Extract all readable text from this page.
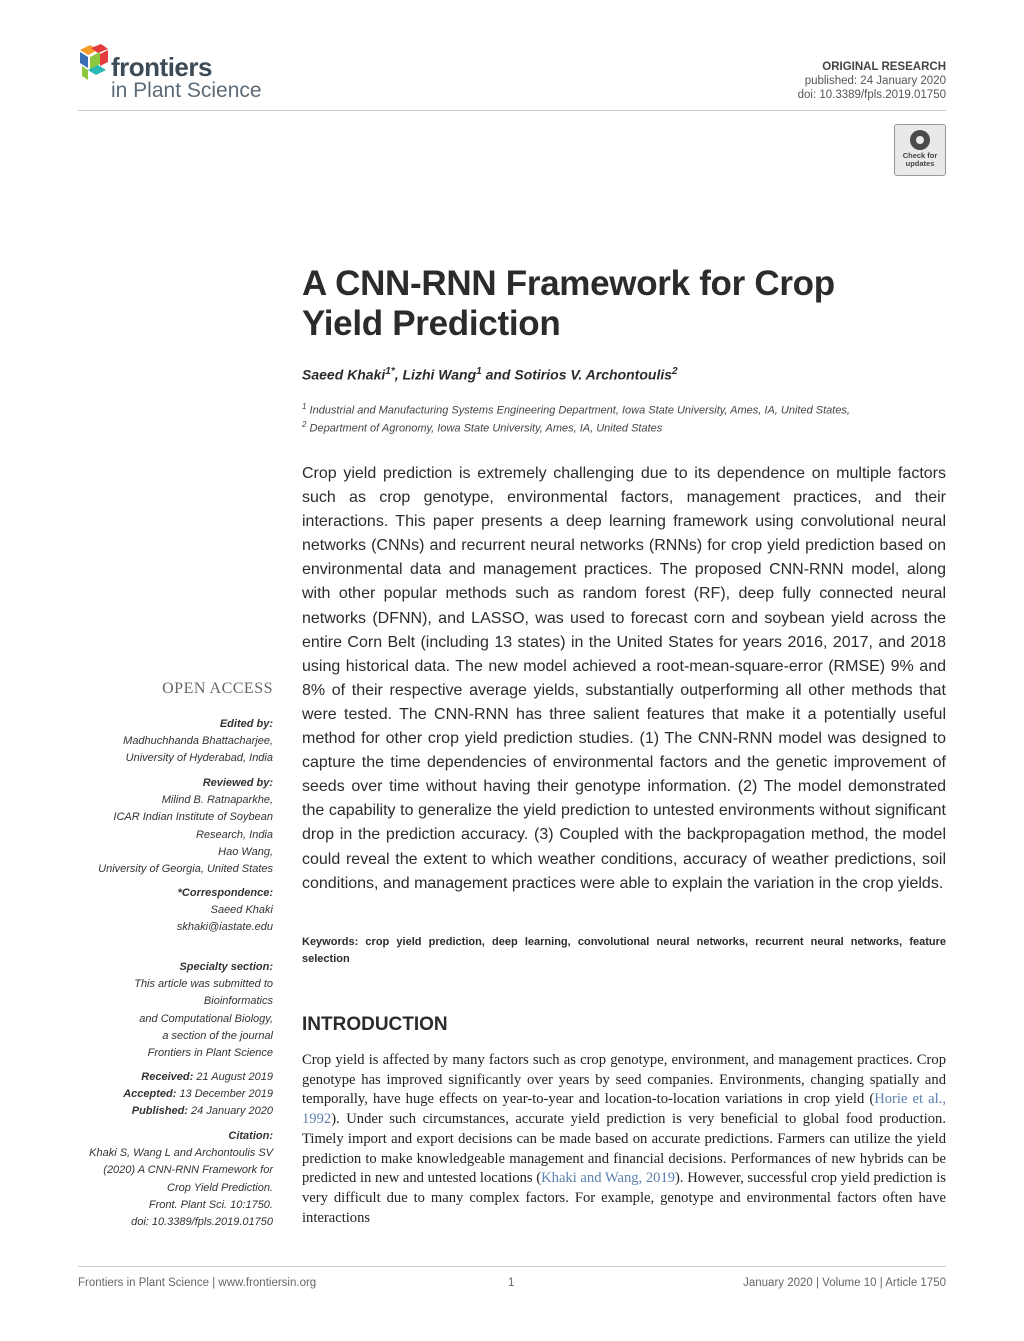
frontiers
in Plant Science
ORIGINAL RESEARCH
published: 24 January 2020
doi: 10.3389/fpls.2019.01750
Check for
updates
A CNN-RNN Framework for Crop
Yield Prediction
Saeed Khaki$^{1*}$, Lizhi Wang$^1$ and Sotirios V. Archontoulis$^2$
$^1$ Industrial and Manufacturing Systems Engineering Department, Iowa State University, Ames, IA, United States,
$^2$ Department of Agronomy, Iowa State University, Ames, IA, United States
Crop yield prediction is extremely challenging due to its dependence on multiple factors such as crop genotype, environmental factors, management practices, and their interactions. This paper presents a deep learning framework using convolutional neural networks (CNNs) and recurrent neural networks (RNNs) for crop yield prediction based on environmental data and management practices. The proposed CNN-RNN model, along with other popular methods such as random forest (RF), deep fully connected neural networks (DFNN), and LASSO, was used to forecast corn and soybean yield across the entire Corn Belt (including 13 states) in the United States for years 2016, 2017, and 2018 using historical data. The new model achieved a root-mean-square-error (RMSE) 9% and 8% of their respective average yields, substantially outperforming all other methods that were tested. The CNN-RNN has three salient features that make it a potentially useful method for other crop yield prediction studies. (1) The CNN-RNN model was designed to capture the time dependencies of environmental factors and the genetic improvement of seeds over time without having their genotype information. (2) The model demonstrated the capability to generalize the yield prediction to untested environments without significant drop in the prediction accuracy. (3) Coupled with the backpropagation method, the model could reveal the extent to which weather conditions, accuracy of weather predictions, soil conditions, and management practices were able to explain the variation in the crop yields.
Keywords: crop yield prediction, deep learning, convolutional neural networks, recurrent neural networks, feature selection
INTRODUCTION
Crop yield is affected by many factors such as crop genotype, environment, and management practices. Crop genotype has improved significantly over years by seed companies. Environments, changing spatially and temporally, have huge effects on year-to-year and location-to-location variations in crop yield (Horie et al., 1992). Under such circumstances, accurate yield prediction is very beneficial to global food production. Timely import and export decisions can be made based on accurate predictions. Farmers can utilize the yield prediction to make knowledgeable management and financial decisions. Performances of new hybrids can be predicted in new and untested locations (Khaki and Wang, 2019). However, successful crop yield prediction is very difficult due to many complex factors. For example, genotype and environmental factors often have interactions
OPEN ACCESS
Edited by:
Madhuchhanda Bhattacharjee,
University of Hyderabad, India
Reviewed by:
Milind B. Ratnaparkhe,
ICAR Indian Institute of Soybean
Research, India
Hao Wang,
University of Georgia, United States
*Correspondence:
Saeed Khaki
skhaki@iastate.edu
Specialty section:
This article was submitted to
Bioinformatics
and Computational Biology,
a section of the journal
Frontiers in Plant Science
Received: 21 August 2019
Accepted: 13 December 2019
Published: 24 January 2020
Citation:
Khaki S, Wang L and Archontoulis SV
(2020) A CNN-RNN Framework for
Crop Yield Prediction.
Front. Plant Sci. 10:1750.
doi: 10.3389/fpls.2019.01750
Frontiers in Plant Science | www.frontiersin.org	1	January 2020 | Volume 10 | Article 1750
